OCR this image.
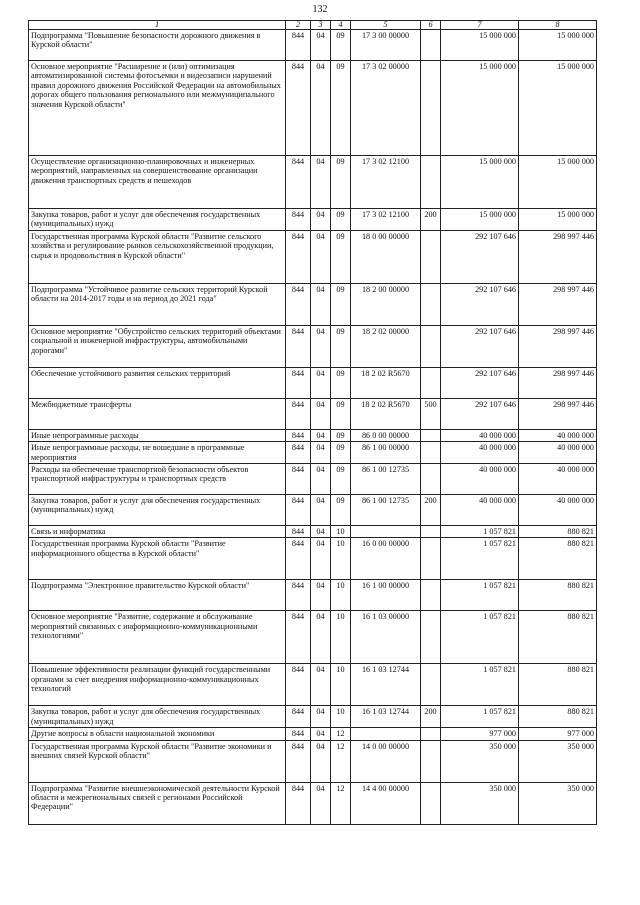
132
1	2	3	4	5	6	7	8
Подпрограмма "Повышение безопасности дорожного движения в Курской области"	844	04	09	17 3 00 00000		15 000 000	15 000 000
Основное мероприятие "Расширение и (или) оптимизация автоматизированной системы фотосъемки и видеозаписи нарушений правил дорожного движения Российской Федерации на автомобильных дорогах общего пользования регионального или межмуниципального значения Курской области"	844	04	09	17 3 02 00000		15 000 000	15 000 000
Осуществление организационно-планировочных и инженерных мероприятий, направленных на совершенствование организации движения транспортных средств и пешеходов	844	04	09	17 3 02 12100		15 000 000	15 000 000
Закупка товаров, работ и услуг для обеспечения государственных (муниципальных) нужд	844	04	09	17 3 02 12100	200	15 000 000	15 000 000
Государственная программа Курской области "Развитие сельского хозяйства и регулирование рынков сельскохозяйственной продукции, сырья и продовольствия в Курской области"	844	04	09	18 0 00 00000		292 107 646	298 997 446
Подпрограмма "Устойчивое развитие сельских территорий Курской области на 2014-2017 годы и на период до 2021 года"	844	04	09	18 2 00 00000		292 107 646	298 997 446
Основное мероприятие "Обустройство сельских территорий объектами социальной и инженерной инфраструктуры, автомобильными дорогами"	844	04	09	18 2 02 00000		292 107 646	298 997 446
Обеспечение устойчивого развития сельских территорий	844	04	09	18 2 02 R5670		292 107 646	298 997 446
Межбюджетные трансферты	844	04	09	18 2 02 R5670	500	292 107 646	298 997 446
Иные непрограммные расходы	844	04	09	86 0 00 00000		40 000 000	40 000 000
Иные непрограммные расходы, не вошедшие в программные мероприятия	844	04	09	86 1 00 00000		40 000 000	40 000 000
Расходы на обеспечение транспортной безопасности объектов транспортной инфраструктуры и транспортных средств	844	04	09	86 1 00 12735		40 000 000	40 000 000
Закупка товаров, работ и услуг для обеспечения государственных (муниципальных) нужд	844	04	09	86 1 00 12735	200	40 000 000	40 000 000
Связь и информатика	844	04	10			1 057 821	880 821
Государственная программа Курской области "Развитие информационного общества в Курской области"	844	04	10	16 0 00 00000		1 057 821	880 821
Подпрограмма "Электронное правительство Курской области"	844	04	10	16 1 00 00000		1 057 821	880 821
Основное мероприятие "Развитие, содержание и обслуживание мероприятий связанных с информационно-коммуникационными технологиями"	844	04	10	16 1 03 00000		1 057 821	880 821
Повышение эффективности реализации функций государственными органами за счет внедрения информационно-коммуникационных технологий	844	04	10	16 1 03 12744		1 057 821	880 821
Закупка товаров, работ и услуг для обеспечения государственных (муниципальных) нужд	844	04	10	16 1 03 12744	200	1 057 821	880 821
Другие вопросы в области национальной экономики	844	04	12			977 000	977 000
Государственная программа Курской области "Развитие экономики и внешних связей Курской области"	844	04	12	14 0 00 00000		350 000	350 000
Подпрограмма "Развитие внешнеэкономической деятельности Курской области и межрегиональных связей с регионами Российской Федерации"	844	04	12	14 4 00 00000		350 000	350 000
